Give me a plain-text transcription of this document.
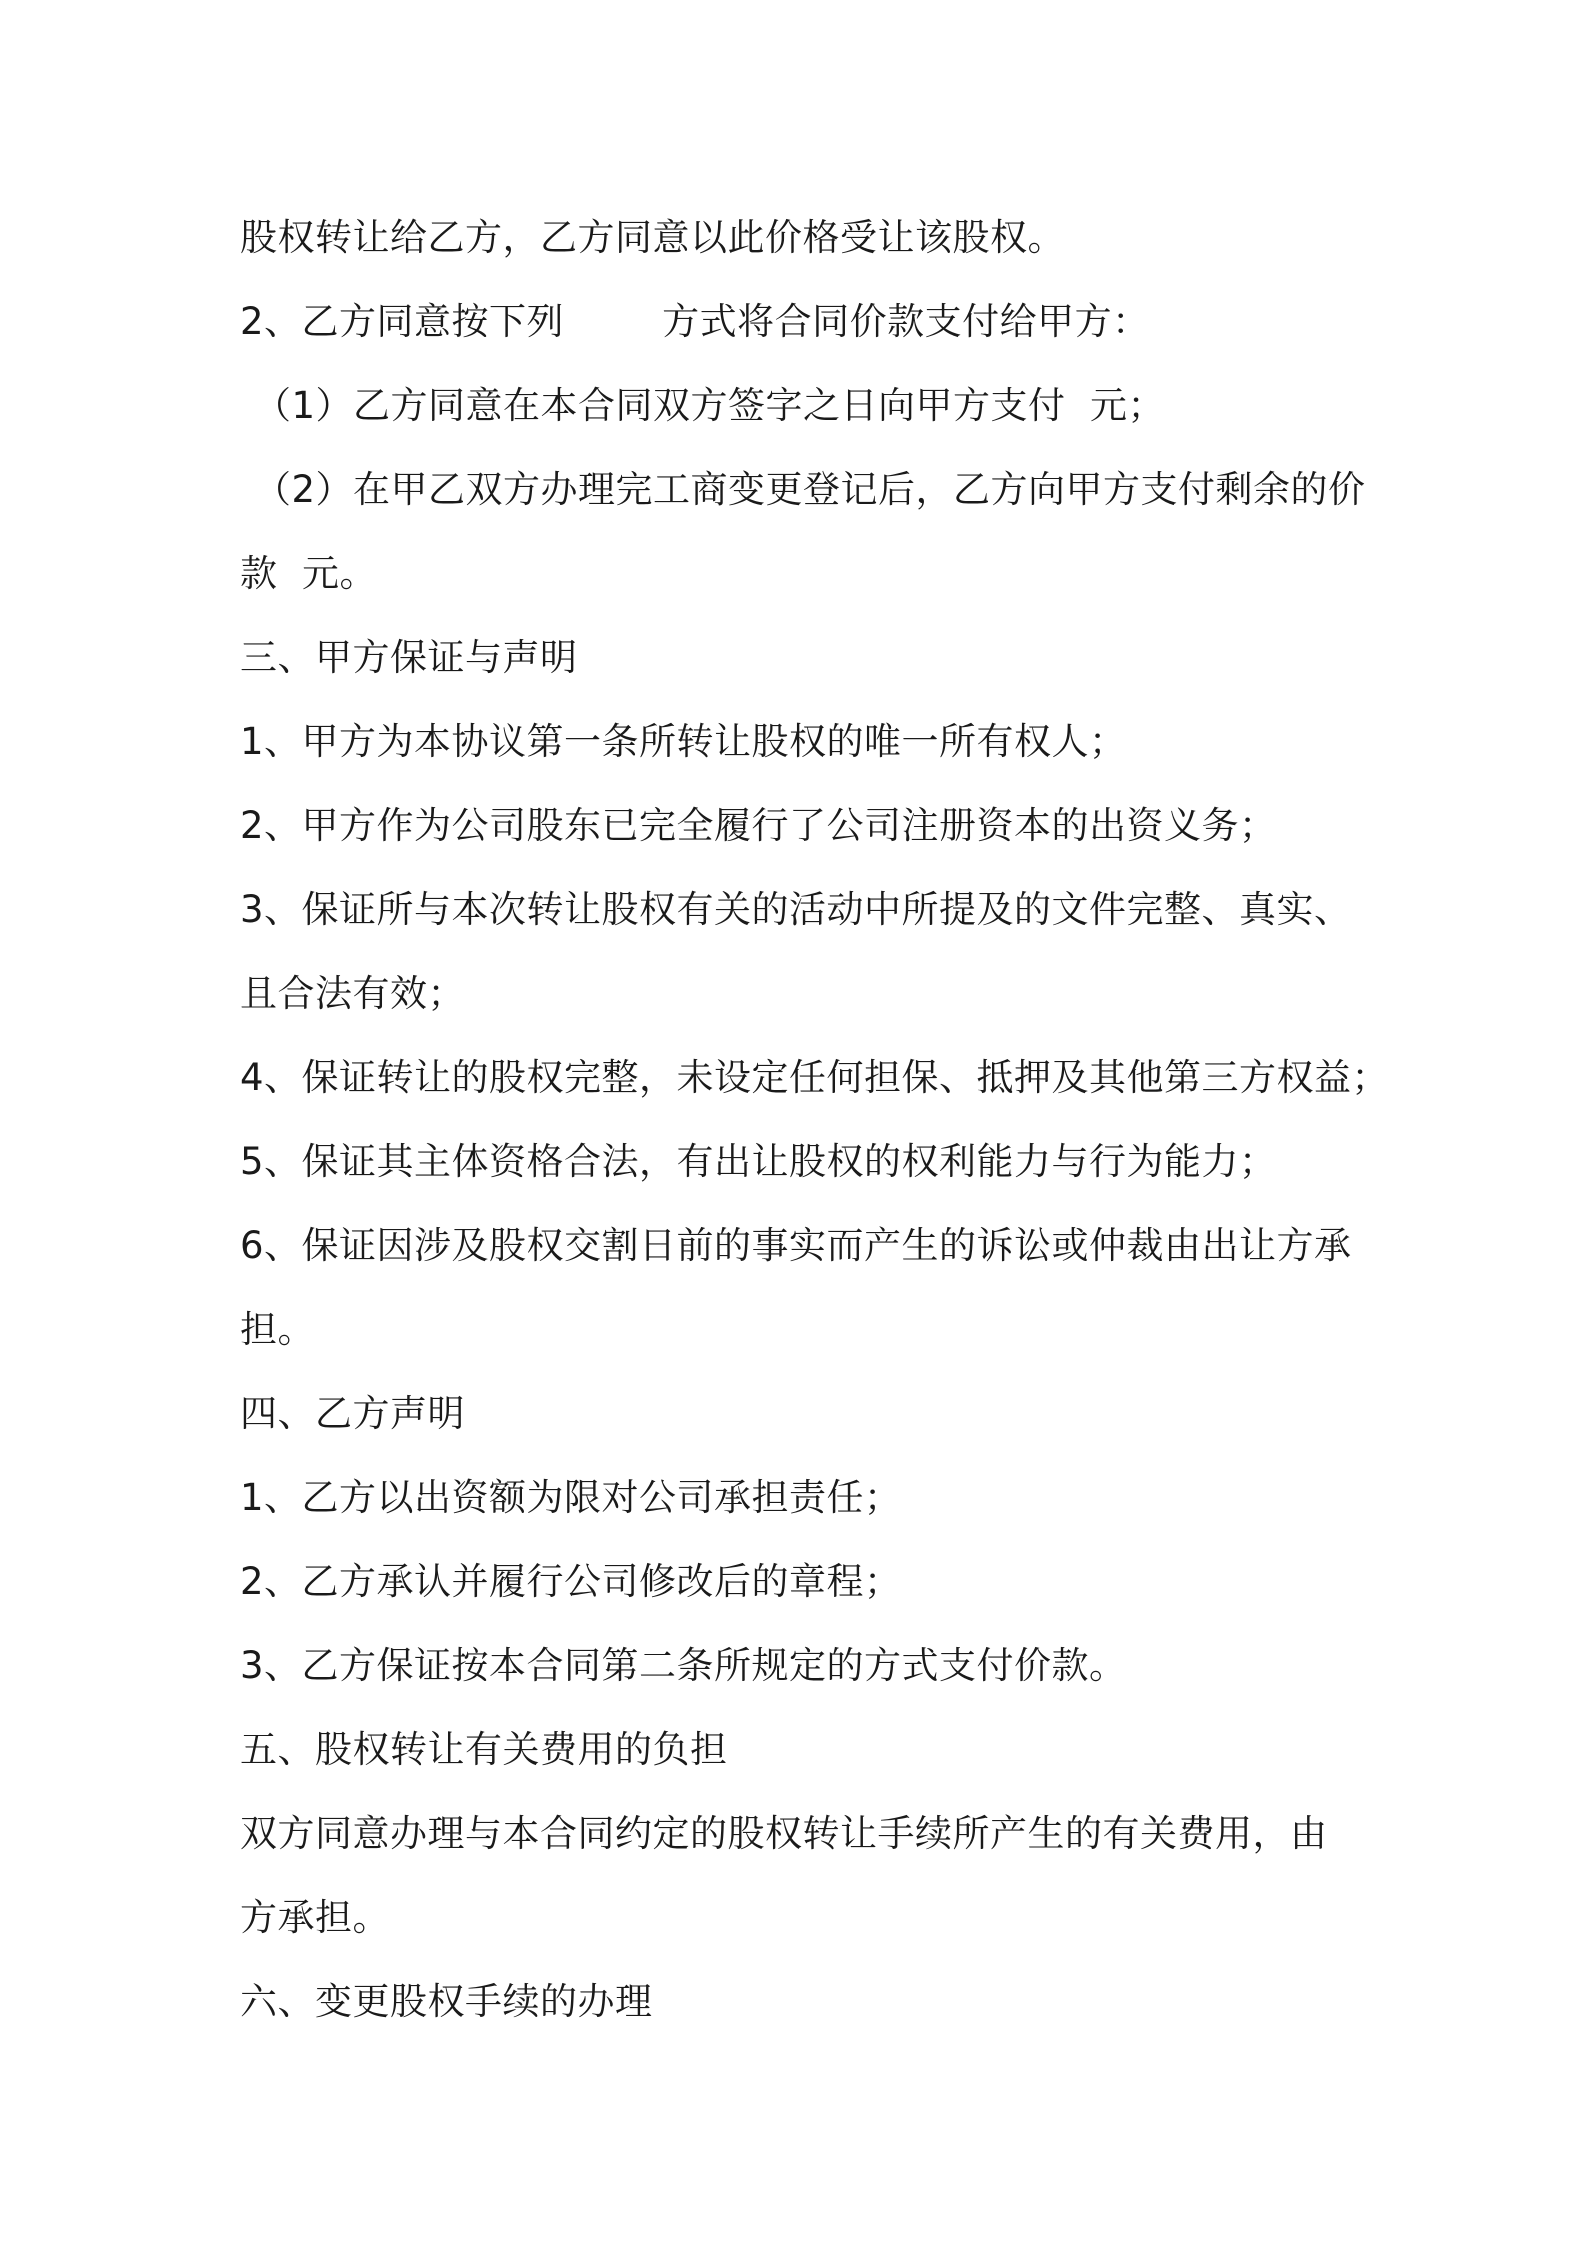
股权转让给乙方，乙方同意以此价格受让该股权。
2、乙方同意按下列        方式将合同价款支付给甲方：
（1）乙方同意在本合同双方签字之日向甲方支付  元；
（2）在甲乙双方办理完工商变更登记后，乙方向甲方支付剩余的价
款  元。
三、甲方保证与声明
1、甲方为本协议第一条所转让股权的唯一所有权人；
2、甲方作为公司股东已完全履行了公司注册资本的出资义务；
3、保证所与本次转让股权有关的活动中所提及的文件完整、真实、
且合法有效；
4、保证转让的股权完整，未设定任何担保、抵押及其他第三方权益；
5、保证其主体资格合法，有出让股权的权利能力与行为能力；
6、保证因涉及股权交割日前的事实而产生的诉讼或仲裁由出让方承
担。
四、乙方声明
1、乙方以出资额为限对公司承担责任；
2、乙方承认并履行公司修改后的章程；
3、乙方保证按本合同第二条所规定的方式支付价款。
五、股权转让有关费用的负担
双方同意办理与本合同约定的股权转让手续所产生的有关费用，由
方承担。
六、变更股权手续的办理
